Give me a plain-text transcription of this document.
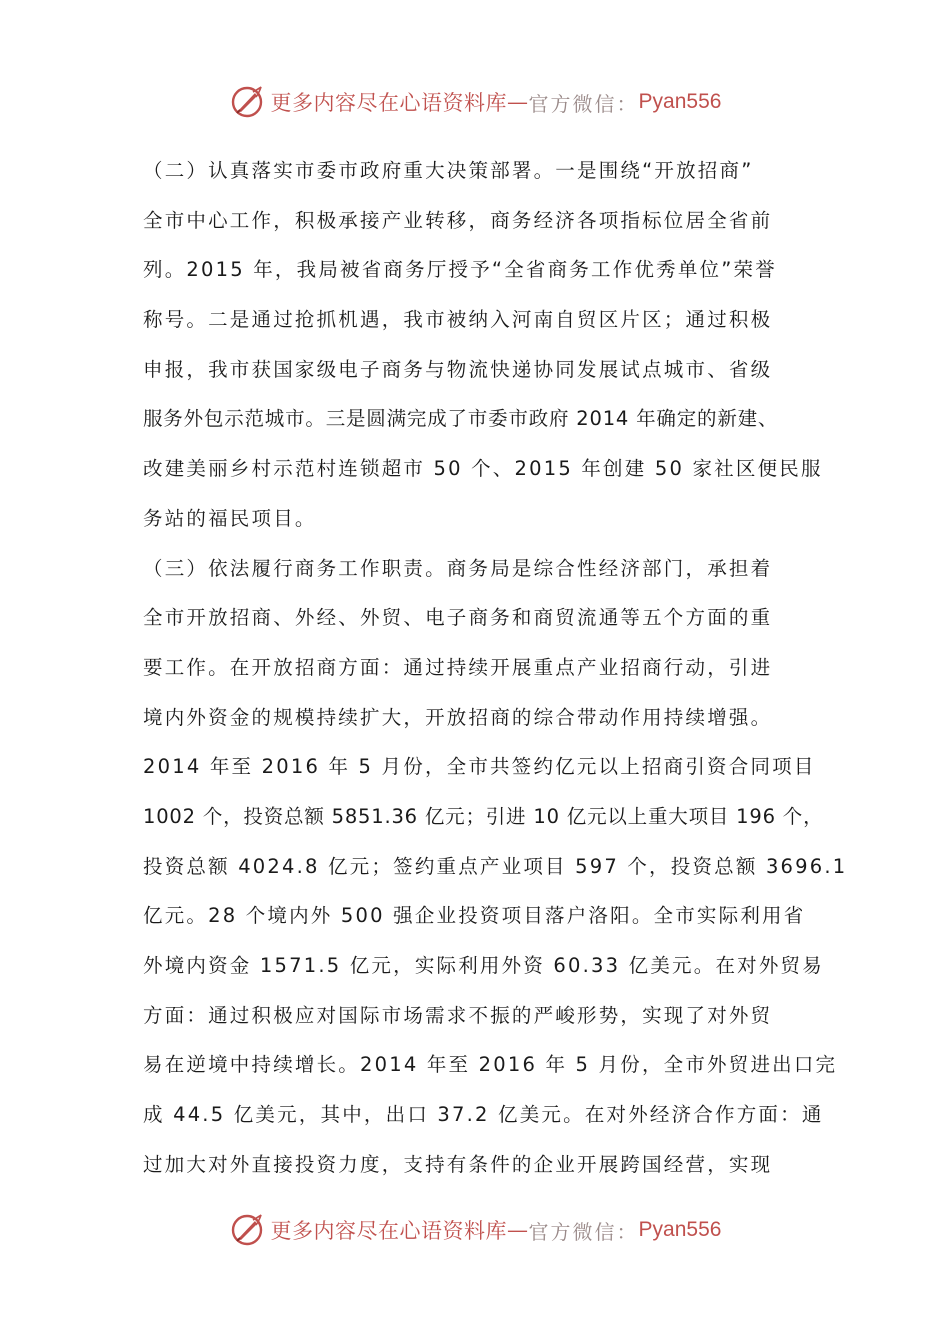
更多内容尽在心语资料库 — 官方微信： Pyan556
（二）认真落实市委市政府重大决策部署。一是围绕“开放招商”
全市中心工作，积极承接产业转移，商务经济各项指标位居全省前
列。2015 年，我局被省商务厅授予“全省商务工作优秀单位”荣誉
称号。二是通过抢抓机遇，我市被纳入河南自贸区片区；通过积极
申报，我市获国家级电子商务与物流快递协同发展试点城市、省级
服务外包示范城市。三是圆满完成了市委市政府 2014 年确定的新建、
改建美丽乡村示范村连锁超市 50 个、2015 年创建 50 家社区便民服
务站的福民项目。
（三）依法履行商务工作职责。商务局是综合性经济部门，承担着
全市开放招商、外经、外贸、电子商务和商贸流通等五个方面的重
要工作。在开放招商方面：通过持续开展重点产业招商行动，引进
境内外资金的规模持续扩大，开放招商的综合带动作用持续增强。
2014 年至 2016 年 5 月份，全市共签约亿元以上招商引资合同项目
1002 个，投资总额 5851.36 亿元；引进 10 亿元以上重大项目 196 个，
投资总额 4024.8 亿元；签约重点产业项目 597 个，投资总额 3696.1
亿元。28 个境内外 500 强企业投资项目落户洛阳。全市实际利用省
外境内资金 1571.5 亿元，实际利用外资 60.33 亿美元。在对外贸易
方面：通过积极应对国际市场需求不振的严峻形势，实现了对外贸
易在逆境中持续增长。2014 年至 2016 年 5 月份，全市外贸进出口完
成 44.5 亿美元，其中，出口 37.2 亿美元。在对外经济合作方面：通
过加大对外直接投资力度，支持有条件的企业开展跨国经营，实现
更多内容尽在心语资料库 — 官方微信： Pyan556
